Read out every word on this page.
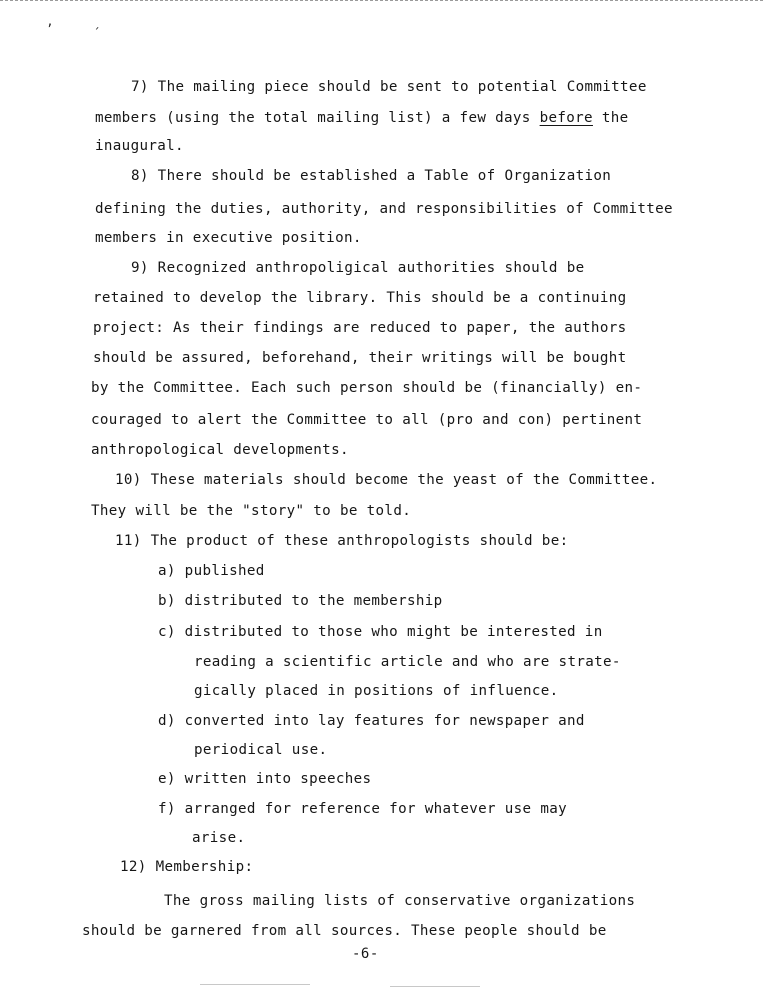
’	´
7) The mailing piece should be sent to potential Committee
members (using the total mailing list) a few days before the
inaugural.
8) There should be established a Table of Organization
defining the duties, authority, and responsibilities of Committee
members in executive position.
9) Recognized anthropoligical authorities should be
retained to develop the library. This should be a continuing
project: As their findings are reduced to paper, the authors
should be assured, beforehand, their writings will be bought
by the Committee. Each such person should be (financially) en-
couraged to alert the Committee to all (pro and con) pertinent
anthropological developments.
10) These materials should become the yeast of the Committee.
They will be the "story" to be told.
11) The product of these anthropologists should be:
a) published
b) distributed to the membership
c) distributed to those who might be interested in
reading a scientific article and who are strate-
gically placed in positions of influence.
d) converted into lay features for newspaper and
periodical use.
e) written into speeches
f) arranged for reference for whatever use may
arise.
12) Membership:
The gross mailing lists of conservative organizations
should be garnered from all sources. These people should be
-6-
